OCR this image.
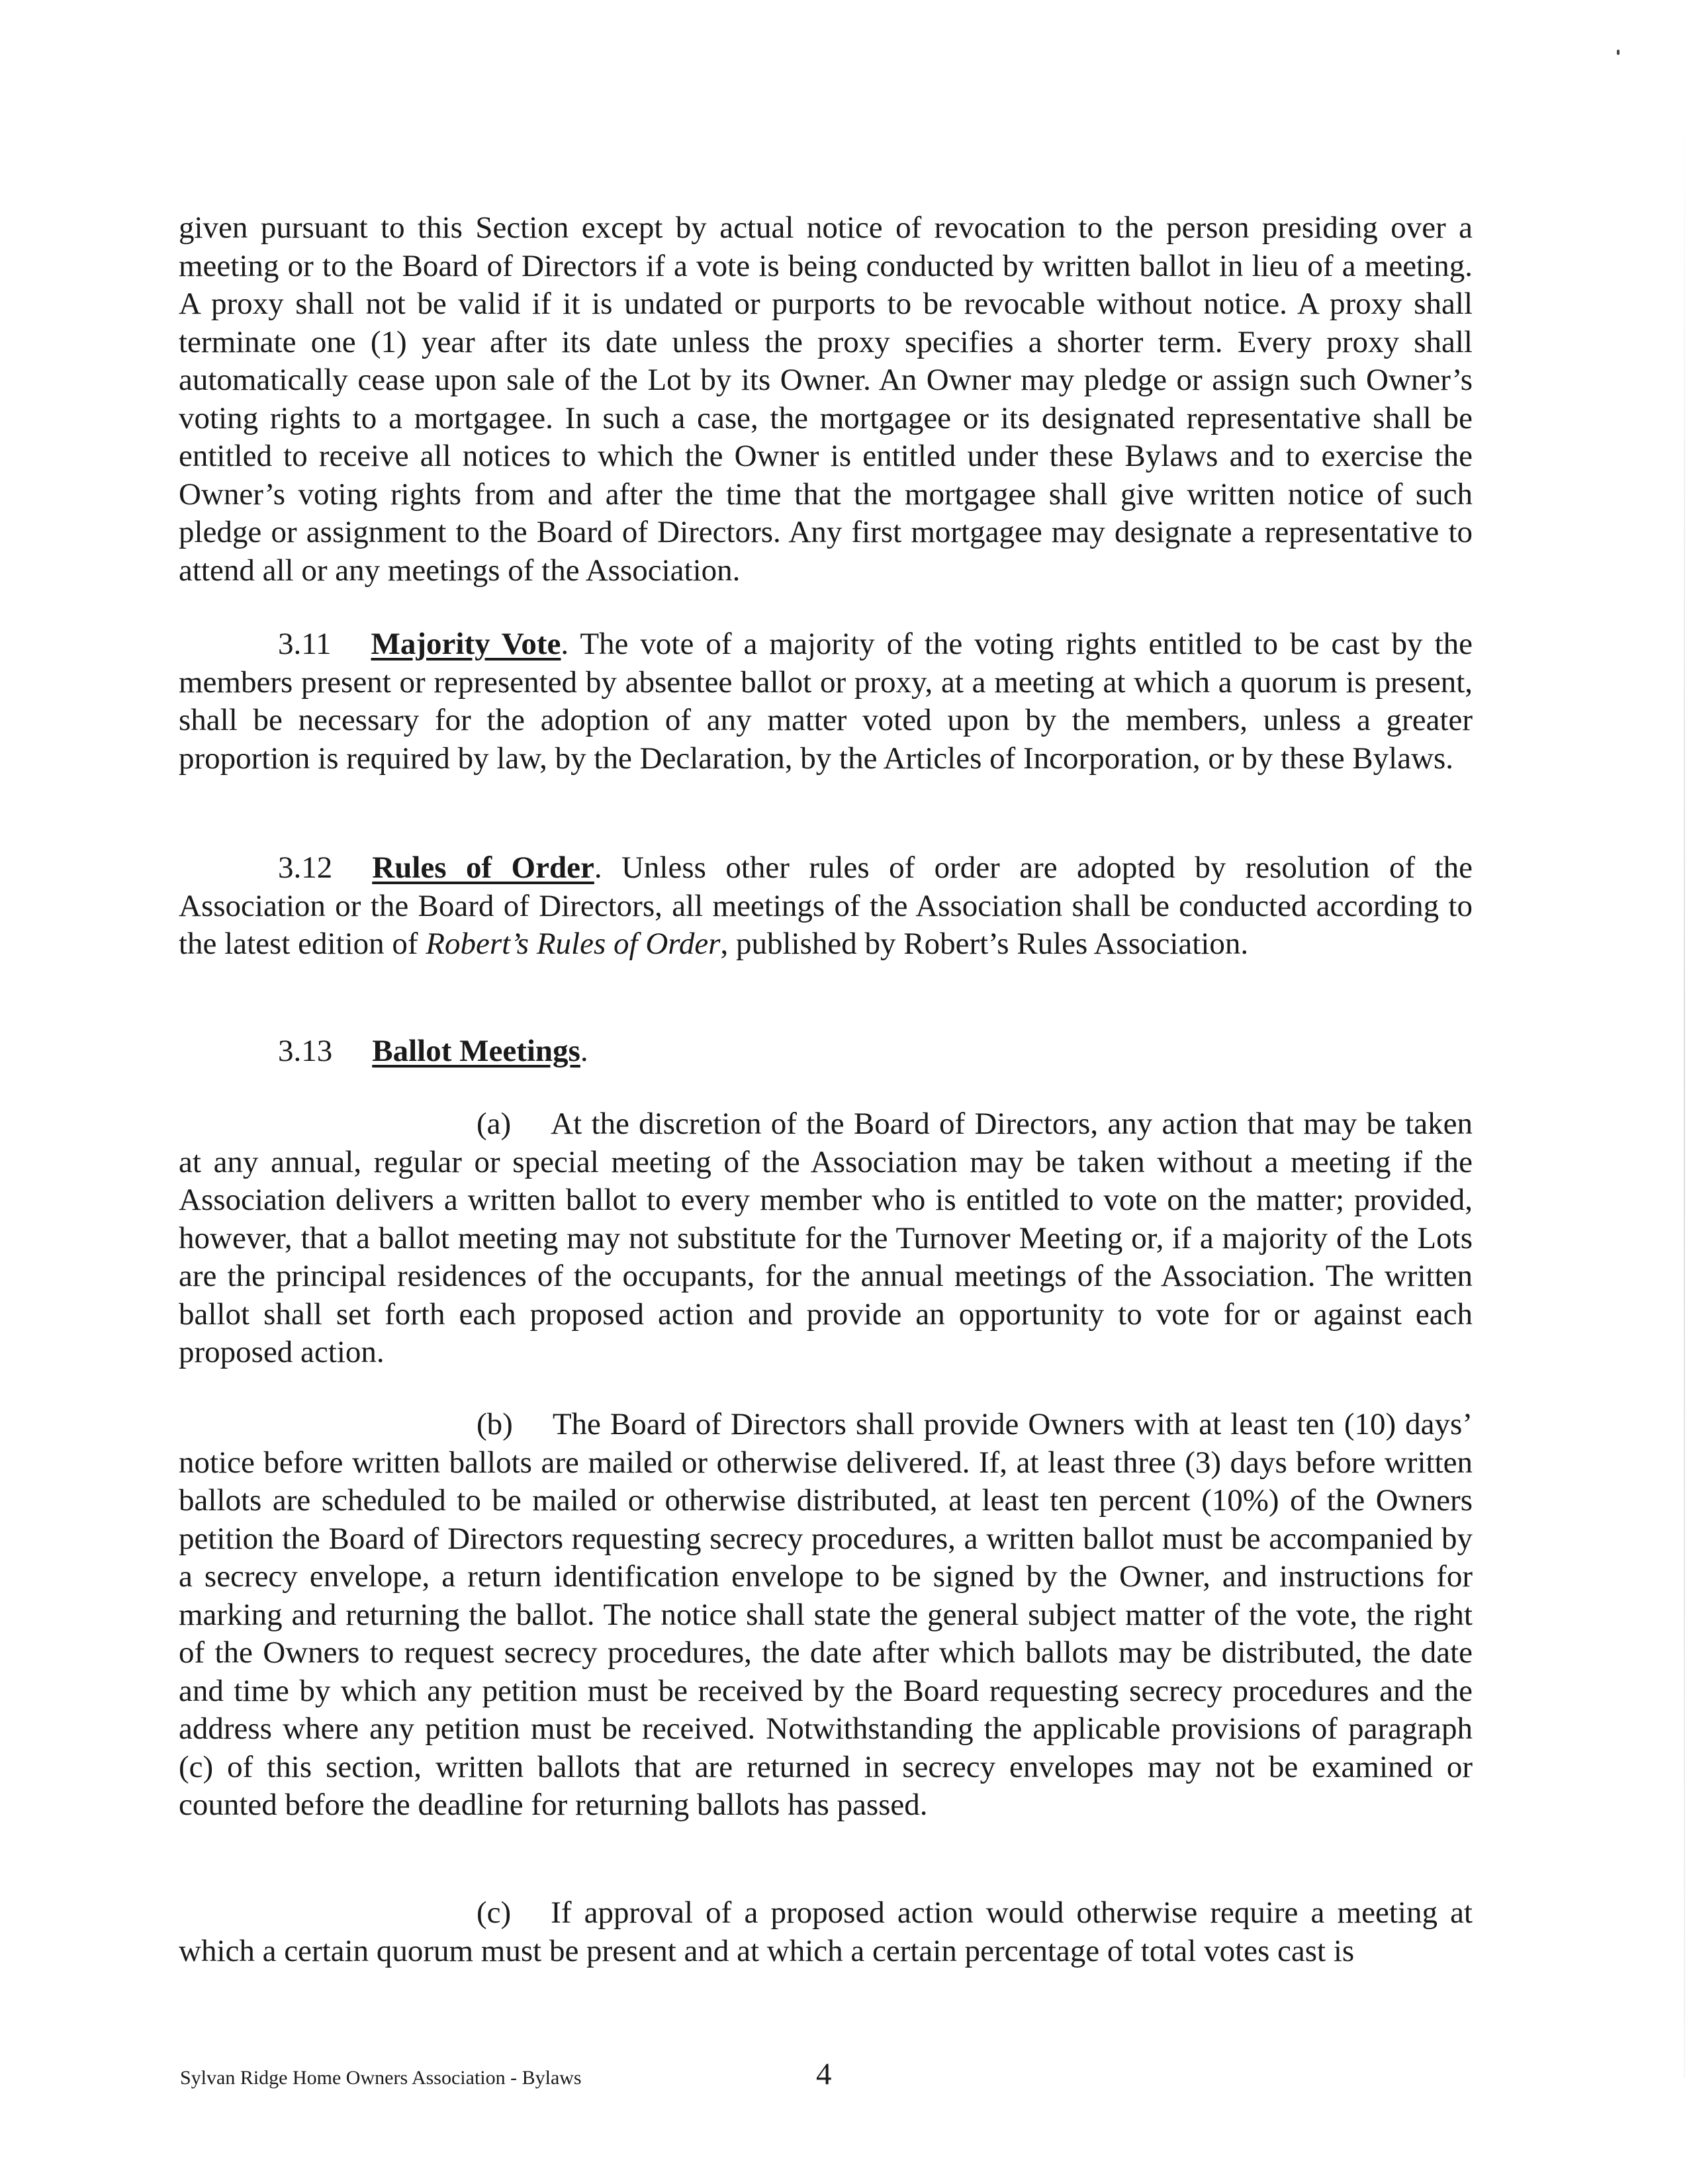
given pursuant to this Section except by actual notice of revocation to the person presiding over a meeting or to the Board of Directors if a vote is being conducted by written ballot in lieu of a meeting. A proxy shall not be valid if it is undated or purports to be revocable without notice. A proxy shall terminate one (1) year after its date unless the proxy specifies a shorter term. Every proxy shall automatically cease upon sale of the Lot by its Owner. An Owner may pledge or assign such Owner’s voting rights to a mortgagee. In such a case, the mortgagee or its designated representative shall be entitled to receive all notices to which the Owner is entitled under these Bylaws and to exercise the Owner’s voting rights from and after the time that the mortgagee shall give written notice of such pledge or assignment to the Board of Directors. Any first mortgagee may designate a representative to attend all or any meetings of the Association.
3.11 Majority Vote. The vote of a majority of the voting rights entitled to be cast by the members present or represented by absentee ballot or proxy, at a meeting at which a quorum is present, shall be necessary for the adoption of any matter voted upon by the members, unless a greater proportion is required by law, by the Declaration, by the Articles of Incorporation, or by these Bylaws.
3.12 Rules of Order. Unless other rules of order are adopted by resolution of the Association or the Board of Directors, all meetings of the Association shall be conducted according to the latest edition of Robert’s Rules of Order, published by Robert’s Rules Association.
3.13 Ballot Meetings.
(a) At the discretion of the Board of Directors, any action that may be taken at any annual, regular or special meeting of the Association may be taken without a meeting if the Association delivers a written ballot to every member who is entitled to vote on the matter; provided, however, that a ballot meeting may not substitute for the Turnover Meeting or, if a majority of the Lots are the principal residences of the occupants, for the annual meetings of the Association. The written ballot shall set forth each proposed action and provide an opportunity to vote for or against each proposed action.
(b) The Board of Directors shall provide Owners with at least ten (10) days’ notice before written ballots are mailed or otherwise delivered. If, at least three (3) days before written ballots are scheduled to be mailed or otherwise distributed, at least ten percent (10%) of the Owners petition the Board of Directors requesting secrecy procedures, a written ballot must be accompanied by a secrecy envelope, a return identification envelope to be signed by the Owner, and instructions for marking and returning the ballot. The notice shall state the general subject matter of the vote, the right of the Owners to request secrecy procedures, the date after which ballots may be distributed, the date and time by which any petition must be received by the Board requesting secrecy procedures and the address where any petition must be received. Notwithstanding the applicable provisions of paragraph (c) of this section, written ballots that are returned in secrecy envelopes may not be examined or counted before the deadline for returning ballots has passed.
(c) If approval of a proposed action would otherwise require a meeting at which a certain quorum must be present and at which a certain percentage of total votes cast is
Sylvan Ridge Home Owners Association - Bylaws	4
